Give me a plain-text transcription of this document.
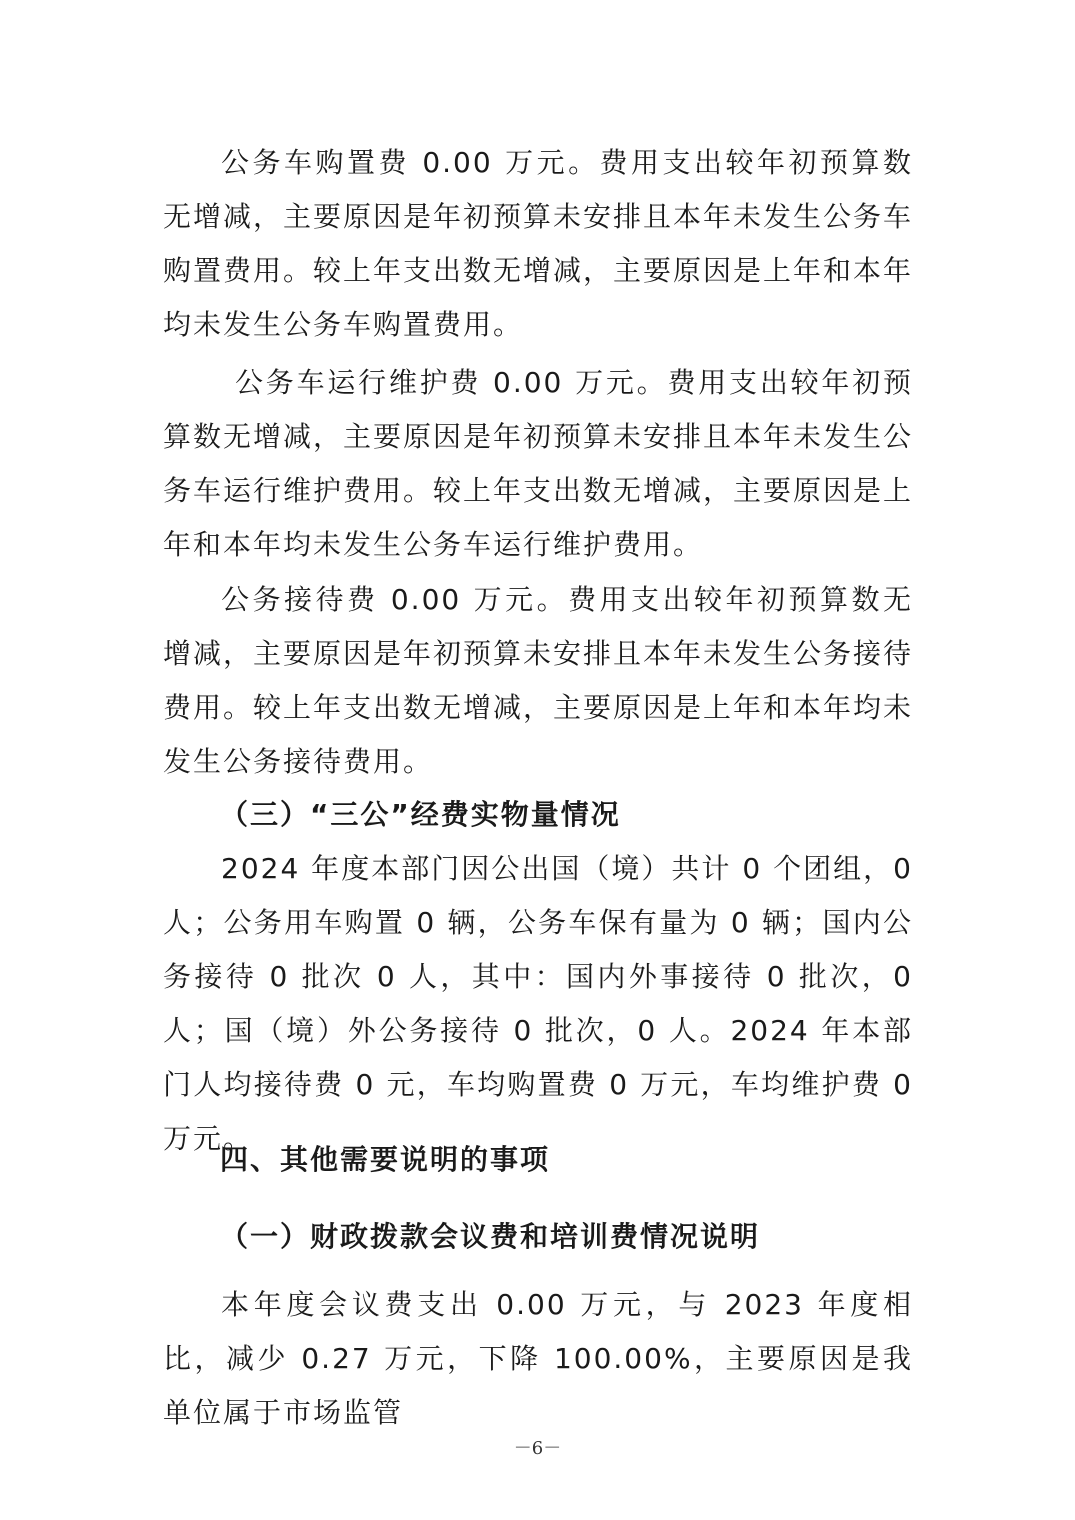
公务车购置费 0.00 万元。费用支出较年初预算数无增减，主要原因是年初预算未安排且本年未发生公务车购置费用。较上年支出数无增减，主要原因是上年和本年均未发生公务车购置费用。

公务车运行维护费 0.00 万元。费用支出较年初预算数无增减，主要原因是年初预算未安排且本年未发生公务车运行维护费用。较上年支出数无增减，主要原因是上年和本年均未发生公务车运行维护费用。

公务接待费 0.00 万元。费用支出较年初预算数无增减，主要原因是年初预算未安排且本年未发生公务接待费用。较上年支出数无增减，主要原因是上年和本年均未发生公务接待费用。

（三）“三公”经费实物量情况

2024 年度本部门因公出国（境）共计 0 个团组，0 人；公务用车购置 0 辆，公务车保有量为 0 辆；国内公务接待 0 批次 0 人，其中：国内外事接待 0 批次，0 人；国（境）外公务接待 0 批次，0 人。2024 年本部门人均接待费 0 元，车均购置费 0 万元，车均维护费 0 万元。

四、其他需要说明的事项
（一）财政拨款会议费和培训费情况说明

本年度会议费支出 0.00 万元，与 2023 年度相比，减少 0.27 万元，下降 100.00%，主要原因是我单位属于市场监管

－6－
